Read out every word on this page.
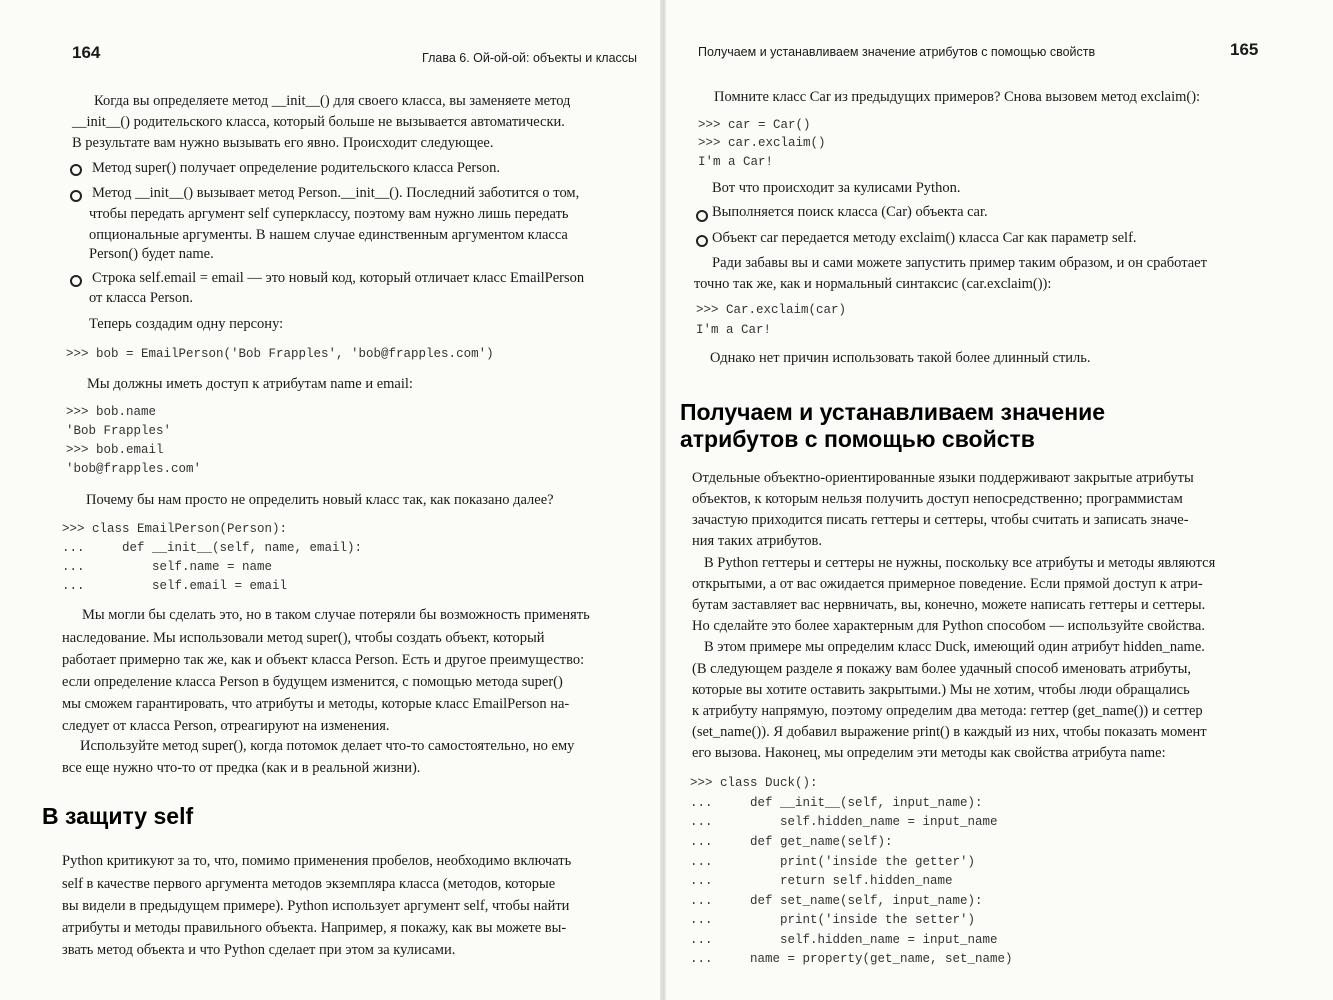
164	Глава 6. Ой-ой-ой: объекты и классы
Когда вы определяете метод __init__() для своего класса, вы заменяете метод
__init__() родительского класса, который больше не вызывается автоматически.
В результате вам нужно вызывать его явно. Происходит следующее.
Метод super() получает определение родительского класса Person.
Метод __init__() вызывает метод Person.__init__(). Последний заботится о том,
чтобы передать аргумент self суперклассу, поэтому вам нужно лишь передать
опциональные аргументы. В нашем случае единственным аргументом класса
Person() будет name.
Строка self.email = email — это новый код, который отличает класс EmailPerson
от класса Person.
Теперь создадим одну персону:
>>> bob = EmailPerson('Bob Frapples', 'bob@frapples.com')
Мы должны иметь доступ к атрибутам name и email:
>>> bob.name
'Bob Frapples'
>>> bob.email
'bob@frapples.com'
Почему бы нам просто не определить новый класс так, как показано далее?
>>> class EmailPerson(Person):
...     def __init__(self, name, email):
...         self.name = name
...         self.email = email
Мы могли бы сделать это, но в таком случае потеряли бы возможность применять
наследование. Мы использовали метод super(), чтобы создать объект, который
работает примерно так же, как и объект класса Person. Есть и другое преимущество:
если определение класса Person в будущем изменится, с помощью метода super()
мы сможем гарантировать, что атрибуты и методы, которые класс EmailPerson на-
следует от класса Person, отреагируют на изменения.
Используйте метод super(), когда потомок делает что-то самостоятельно, но ему
все еще нужно что-то от предка (как и в реальной жизни).
В защиту self
Python критикуют за то, что, помимо применения пробелов, необходимо включать
self в качестве первого аргумента методов экземпляра класса (методов, которые
вы видели в предыдущем примере). Python использует аргумент self, чтобы найти
атрибуты и методы правильного объекта. Например, я покажу, как вы можете вы-
звать метод объекта и что Python сделает при этом за кулисами.
Получаем и устанавливаем значение атрибутов с помощью свойств	165
Помните класс Car из предыдущих примеров? Снова вызовем метод exclaim():
>>> car = Car()
>>> car.exclaim()
I'm a Car!
Вот что происходит за кулисами Python.
Выполняется поиск класса (Car) объекта car.
Объект car передается методу exclaim() класса Car как параметр self.
Ради забавы вы и сами можете запустить пример таким образом, и он сработает
точно так же, как и нормальный синтаксис (car.exclaim()):
>>> Car.exclaim(car)
I'm a Car!
Однако нет причин использовать такой более длинный стиль.
Получаем и устанавливаем значение
атрибутов с помощью свойств
Отдельные объектно-ориентированные языки поддерживают закрытые атрибуты
объектов, к которым нельзя получить доступ непосредственно; программистам
зачастую приходится писать геттеры и сеттеры, чтобы считать и записать значе-
ния таких атрибутов.
В Python геттеры и сеттеры не нужны, поскольку все атрибуты и методы являются
открытыми, а от вас ожидается примерное поведение. Если прямой доступ к атри-
бутам заставляет вас нервничать, вы, конечно, можете написать геттеры и сеттеры.
Но сделайте это более характерным для Python способом — используйте свойства.
В этом примере мы определим класс Duck, имеющий один атрибут hidden_name.
(В следующем разделе я покажу вам более удачный способ именовать атрибуты,
которые вы хотите оставить закрытыми.) Мы не хотим, чтобы люди обращались
к атрибуту напрямую, поэтому определим два метода: геттер (get_name()) и сеттер
(set_name()). Я добавил выражение print() в каждый из них, чтобы показать момент
его вызова. Наконец, мы определим эти методы как свойства атрибута name:
>>> class Duck():
...     def __init__(self, input_name):
...         self.hidden_name = input_name
...     def get_name(self):
...         print('inside the getter')
...         return self.hidden_name
...     def set_name(self, input_name):
...         print('inside the setter')
...         self.hidden_name = input_name
...     name = property(get_name, set_name)
